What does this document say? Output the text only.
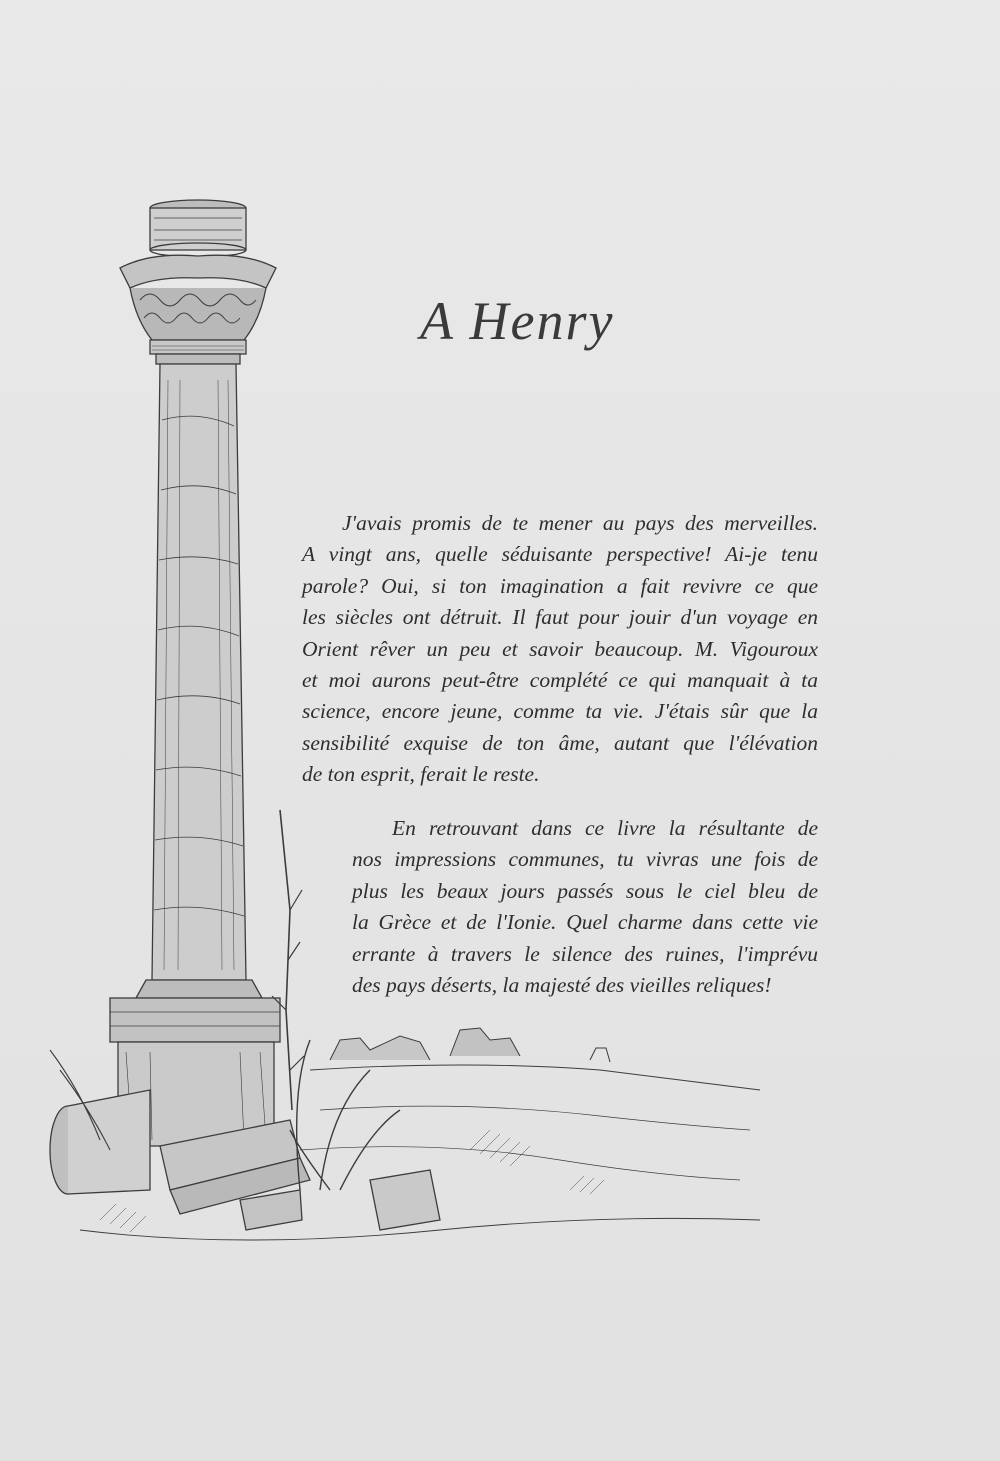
A Henry
J'avais promis de te mener au pays des merveilles.
A vingt ans, quelle séduisante perspective! Ai-je tenu
parole? Oui, si ton imagination a fait revivre ce que
les siècles ont détruit. Il faut pour jouir d'un voyage en
Orient rêver un peu et savoir beaucoup. M. Vigouroux
et moi aurons peut-être complété ce qui manquait à ta
science, encore jeune, comme ta vie. J'étais sûr que la
sensibilité exquise de ton âme, autant que l'élévation
de ton esprit, ferait le reste.
En retrouvant dans ce livre la résultante de
nos impressions communes, tu vivras une fois de
plus les beaux jours passés sous le ciel bleu de
la Grèce et de l'Ionie. Quel charme dans cette vie
errante à travers le silence des ruines, l'imprévu
des pays déserts, la majesté des vieilles reliques!
